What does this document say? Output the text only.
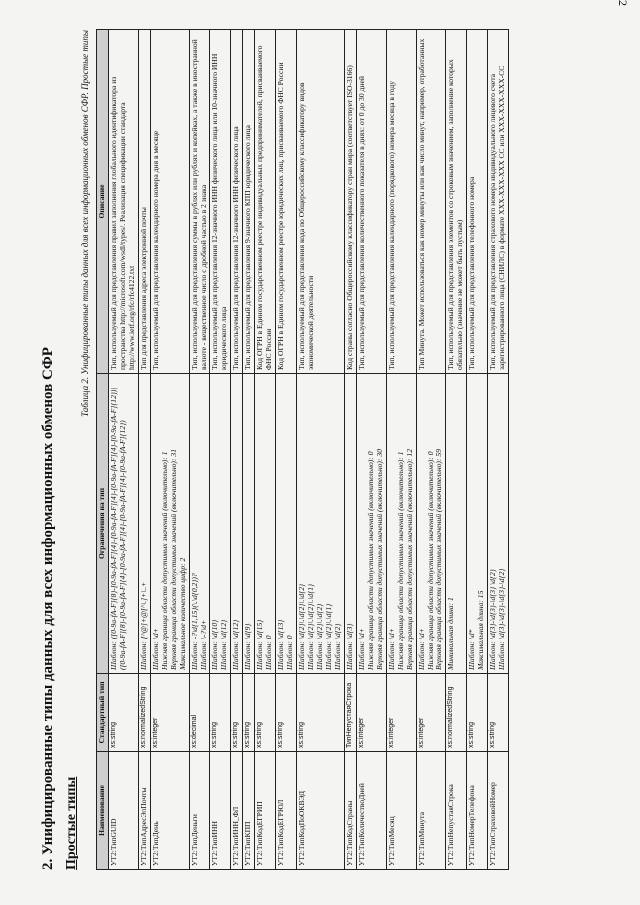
2
2. Унифицированные типы данных для всех информационных обменов СФР Простые типы
Таблица 2. Унифицированные типы данных для всех информационных обменов СФР. Простые типы
Наименование	Стандартный тип	Ограничения на тип	Описание
УТ2:ТипGUID	xs:string	Шаблон: ([0-9a-fA-F]{8}-[0-9a-fA-F]{4}-[0-9a-fA-F]{4}-[0-9a-fA-F]{4}-[0-9a-fA-F]{12})|([0-9a-fA-F]{8}-[0-9a-fA-F]{4}-[0-9a-fA-F]{4}-[0-9a-fA-F]{4}-[0-9a-fA-F]{12})	Тип, используемый для представления правил заполнения глобального идентификатора из пространства http://microsoft.com/wsdl/types/. Реализация спецификации стандарта http://www.ietf.org/rfc/rfc4122.txt
УТ2:ТипАдресЭлПочты	xs:normalizedString	Шаблон: [^@]+@[^\.]+\..+	Тип для представления адреса электронной почты
УТ2:ТипДень	xs:integer	Шаблон: \d+
Нижняя граница области допустимых значений (включительно): 1
Верхняя граница области допустимых значений (включительно): 31
Максимальное количество цифр: 2	Тип, используемый для представления календарного номера дня в месяце
УТ2:ТипДеньги	xs:decimal	Шаблон: -?\d{1,15}(\.\d{0,2})?
Шаблон: \-?\d+	Тип, используемый для представления суммы в рублях или рублях и копейках, а также в иностранной валюте - вещественное число с дробной частью в 2 знака
УТ2:ТипИНН	xs:string	Шаблон: \d{10}
Шаблон: \d{12}	Тип, используемый для представления 12-значного ИНН физического лица или 10-значного ИНН юридического лица
УТ2:ТипИНН_ФЛ	xs:string	Шаблон: \d{12}	Тип, используемый для представления 12-значного ИНН физического лица
УТ2:ТипКПП	xs:string	Шаблон: \d{9}	Тип, используемый для представления 9-значного КПП юридического лица
УТ2:ТипКодЕГРИП	xs:string	Шаблон: \d{15}
Шаблон: 0	Код ОГРН в Едином государственном реестре индивидуальных предпринимателей, присваиваемого ФНС России
УТ2:ТипКодЕГРЮЛ	xs:string	Шаблон: \d{13}
Шаблон: 0	Код ОГРН в Едином государственном реестре юридических лиц, присваиваемого ФНС России
УТ2:ТипКодПоОКВЭД	xs:string	Шаблон: \d{2}\.\d{2}\.\d{2}
Шаблон: \d{2}\.\d{2}\.\d{1}
Шаблон: \d{2}\.\d{2}
Шаблон: \d{2}\.\d{1}
Шаблон: \d{2}	Тип, используемый для представления кода по Общероссийскому классификатору видов экономической деятельности
УТ2:ТипКодСтраны	ТипНепустаяСтрока	Шаблон: \d{3}	Код страны согласно Общероссийскому классификатору стран мира (соответствует ISO-3166)
УТ2:ТипКоличествоДней	xs:integer	Шаблон: \d+
Нижняя граница области допустимых значений (включительно): 0
Верхняя граница области допустимых значений (включительно): 30	Тип, используемый для представления количественного показателя в днях: от 0 до 30 дней
УТ2:ТипМесяц	xs:integer	Шаблон: \d+
Нижняя граница области допустимых значений (включительно): 1
Верхняя граница области допустимых значений (включительно): 12	Тип, используемый для представления календарного (порядкового) номера месяца в году
УТ2:ТипМинута	xs:integer	Шаблон: \d+
Нижняя граница области допустимых значений (включительно): 0
Верхняя граница области допустимых значений (включительно): 59	Тип Минута. Может использоваться как номер минуты или как число минут, например, отработанных
УТ2:ТипНепустаяСтрока	xs:normalizedString	Минимальная длина: 1	Тип, используемый для представления элементов со строковым значением, заполнение которых обязательно (значение не может быть пустым)
УТ2:ТипНомерТелефона	xs:string	Шаблон: \d*
Максимальная длина: 15	Тип, используемый для представления телефонного номера
УТ2:ТипСтраховойНомер	xs:string	Шаблон: \d{3}-\d{3}-\d{3} \d{2}
Шаблон: \d{3}-\d{3}-\d{3}-\d{2}	Тип, используемый для представления страхового номера индивидуального лицевого счета зарегистрированного лица (СНИЛС) в формате XXX-XXX-XXX СС или XXX-XXX-XXX-СС
